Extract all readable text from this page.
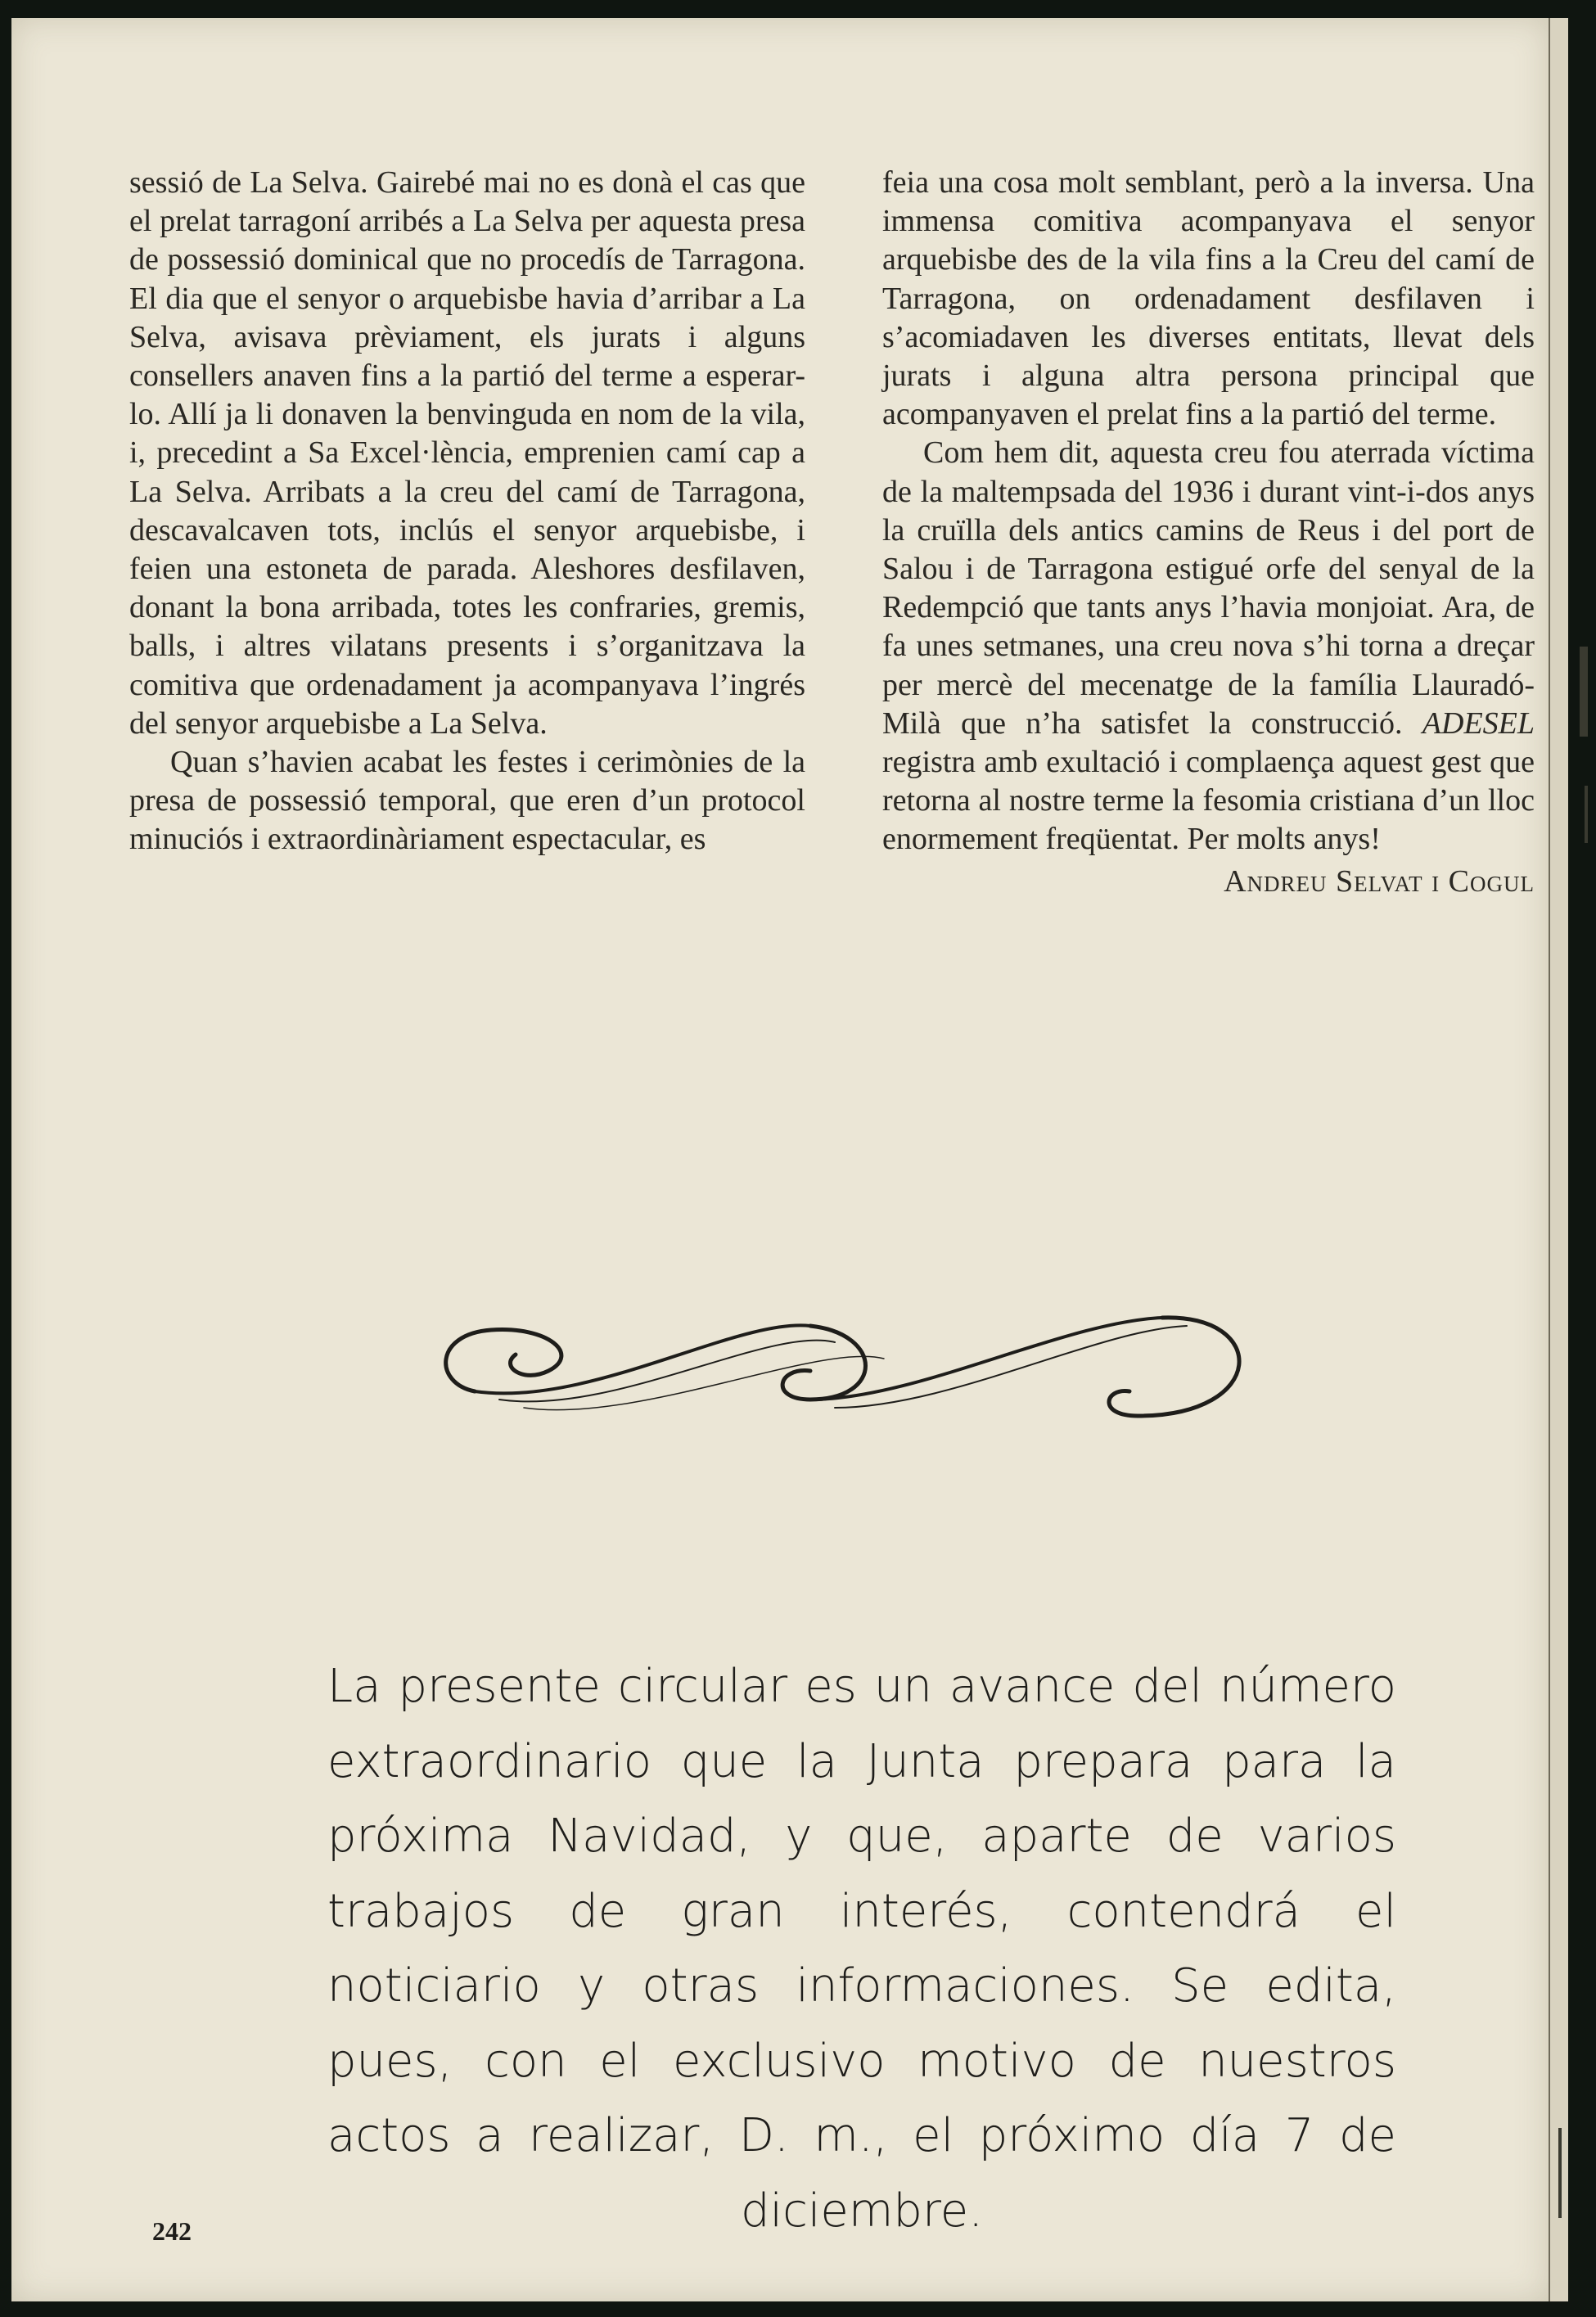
sessió de La Selva. Gairebé mai no es donà el cas que el prelat tarragoní arribés a La Selva per aquesta presa de possessió dominical que no procedís de Tarragona. El dia que el senyor o arquebisbe havia d’arribar a La Selva, avisava prèviament, els jurats i alguns consellers anaven fins a la partió del terme a esperar-lo. Allí ja li donaven la benvinguda en nom de la vila, i, precedint a Sa Excel·lència, emprenien camí cap a La Selva. Arribats a la creu del camí de Tarragona, descavalcaven tots, inclús el senyor arquebisbe, i feien una estoneta de parada. Aleshores desfilaven, donant la bona arribada, totes les confraries, gremis, balls, i altres vilatans presents i s’organitzava la comitiva que ordenadament ja acompanyava l’ingrés del senyor arquebisbe a La Selva.

Quan s’havien acabat les festes i cerimònies de la presa de possessió temporal, que eren d’un protocol minuciós i extraordinàriament espectacular, es

feia una cosa molt semblant, però a la inversa. Una immensa comitiva acompanyava el senyor arquebisbe des de la vila fins a la Creu del camí de Tarragona, on ordenadament desfilaven i s’acomiadaven les diverses entitats, llevat dels jurats i alguna altra persona principal que acompanyaven el prelat fins a la partió del terme.

Com hem dit, aquesta creu fou aterrada víctima de la maltempsada del 1936 i durant vint-i-dos anys la cruïlla dels antics camins de Reus i del port de Salou i de Tarragona estigué orfe del senyal de la Redempció que tants anys l’havia monjoiat. Ara, de fa unes setmanes, una creu nova s’hi torna a dreçar per mercè del mecenatge de la família Llauradó-Milà que n’ha satisfet la construcció. ADESEL registra amb exultació i complaença aquest gest que retorna al nostre terme la fesomia cristiana d’un lloc enormement freqüentat. Per molts anys!

Andreu Selvat i Cogul
La presente circular es un avance del número extraordinario que la Junta prepara para la próxima Navidad, y que, aparte de varios trabajos de gran interés, contendrá el noticiario y otras informaciones. Se edita, pues, con el exclusivo motivo de nuestros actos a realizar, D. m., el próximo día 7 de diciembre.
242
